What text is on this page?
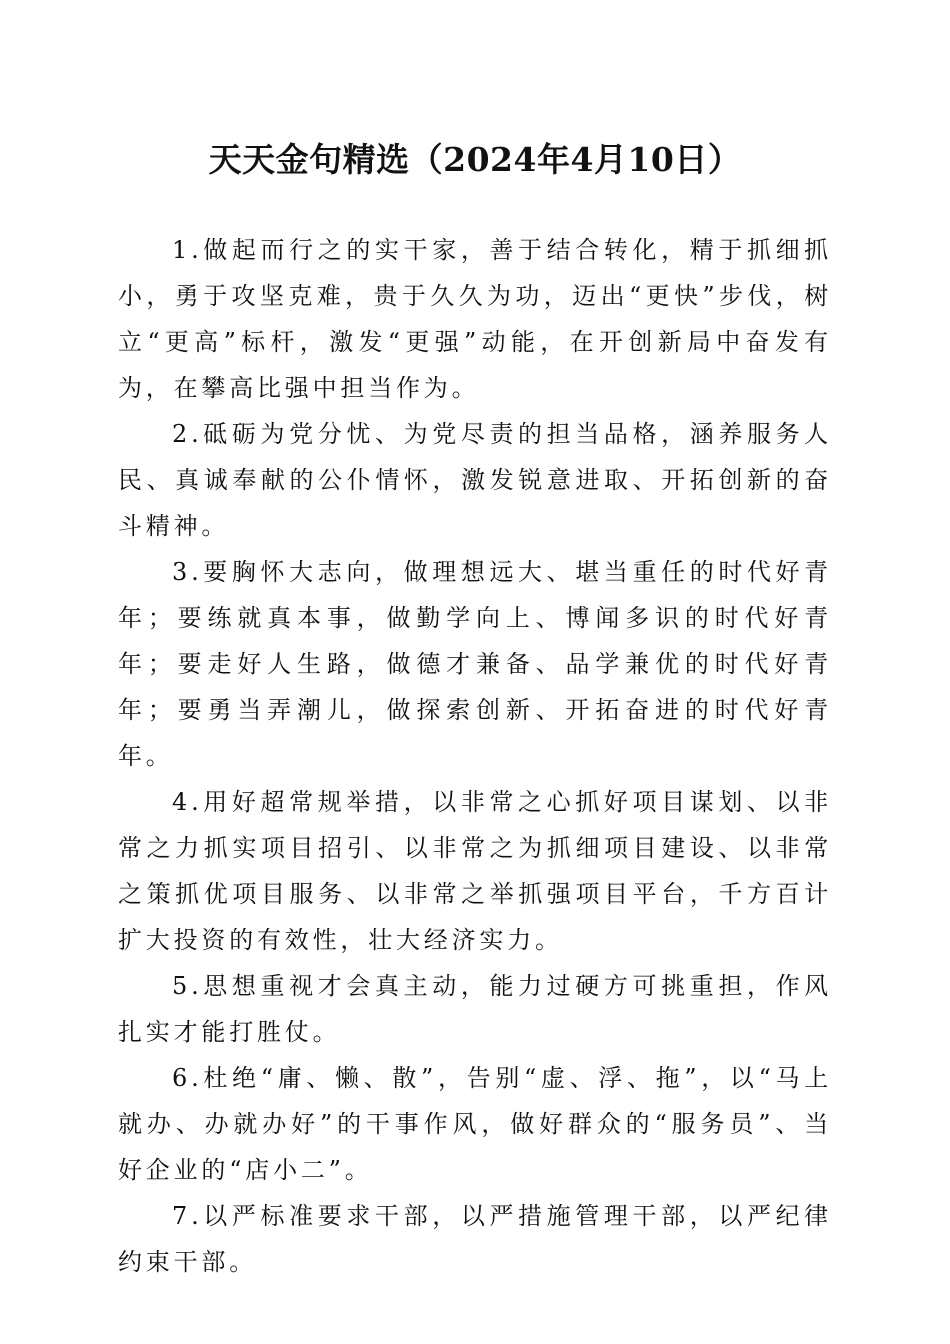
天天金句精选（2024年4月10日）

1.做起而行之的实干家，善于结合转化，精于抓细抓小，勇于攻坚克难，贵于久久为功，迈出“更快”步伐，树立“更高”标杆，激发“更强”动能，在开创新局中奋发有为，在攀高比强中担当作为。

2.砥砺为党分忧、为党尽责的担当品格，涵养服务人民、真诚奉献的公仆情怀，激发锐意进取、开拓创新的奋斗精神。

3.要胸怀大志向，做理想远大、堪当重任的时代好青年；要练就真本事，做勤学向上、博闻多识的时代好青年；要走好人生路，做德才兼备、品学兼优的时代好青年；要勇当弄潮儿，做探索创新、开拓奋进的时代好青年。

4.用好超常规举措，以非常之心抓好项目谋划、以非常之力抓实项目招引、以非常之为抓细项目建设、以非常之策抓优项目服务、以非常之举抓强项目平台，千方百计扩大投资的有效性，壮大经济实力。

5.思想重视才会真主动，能力过硬方可挑重担，作风扎实才能打胜仗。

6.杜绝“庸、懒、散”，告别“虚、浮、拖”，以“马上就办、办就办好”的干事作风，做好群众的“服务员”、当好企业的“店小二”。

7.以严标准要求干部，以严措施管理干部，以严纪律约束干部。
